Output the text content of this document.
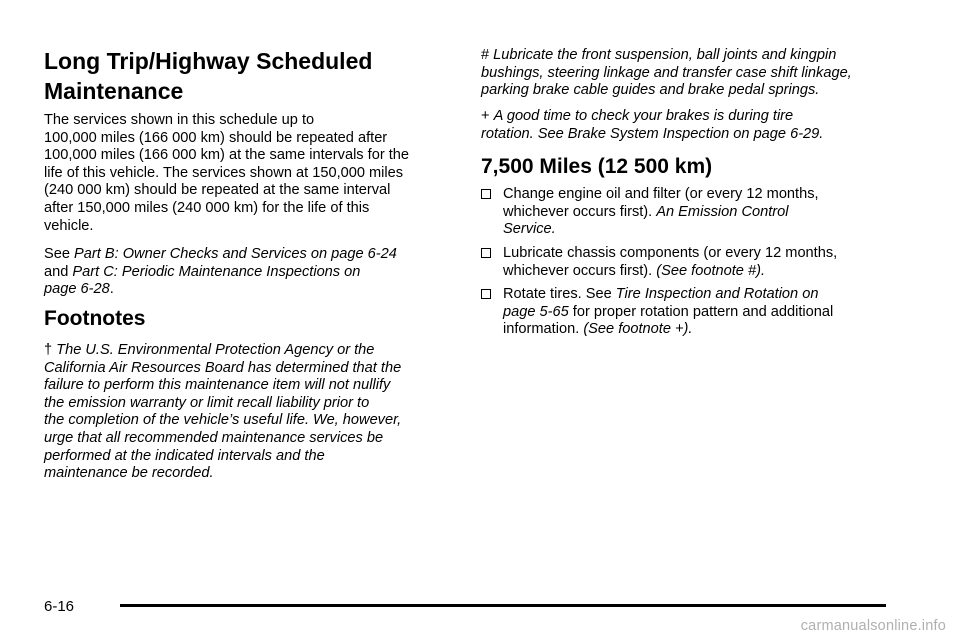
Long Trip/Highway Scheduled
Maintenance

The services shown in this schedule up to
100,000 miles (166 000 km) should be repeated after
100,000 miles (166 000 km) at the same intervals for the
life of this vehicle. The services shown at 150,000 miles
(240 000 km) should be repeated at the same interval
after 150,000 miles (240 000 km) for the life of this
vehicle.

See Part B: Owner Checks and Services on page 6-24
and Part C: Periodic Maintenance Inspections on
page 6-28.

Footnotes

† The U.S. Environmental Protection Agency or the
California Air Resources Board has determined that the
failure to perform this maintenance item will not nullify
the emission warranty or limit recall liability prior to
the completion of the vehicle’s useful life. We, however,
urge that all recommended maintenance services be
performed at the indicated intervals and the
maintenance be recorded.

# Lubricate the front suspension, ball joints and kingpin
bushings, steering linkage and transfer case shift linkage,
parking brake cable guides and brake pedal springs.

+ A good time to check your brakes is during tire
rotation. See Brake System Inspection on page 6-29.

7,500 Miles (12 500 km)
Change engine oil and filter (or every 12 months,
whichever occurs first). An Emission Control
Service.
Lubricate chassis components (or every 12 months,
whichever occurs first). (See footnote #).
Rotate tires. See Tire Inspection and Rotation on
page 5-65 for proper rotation pattern and additional
information. (See footnote +).
6-16
carmanualsonline.info
